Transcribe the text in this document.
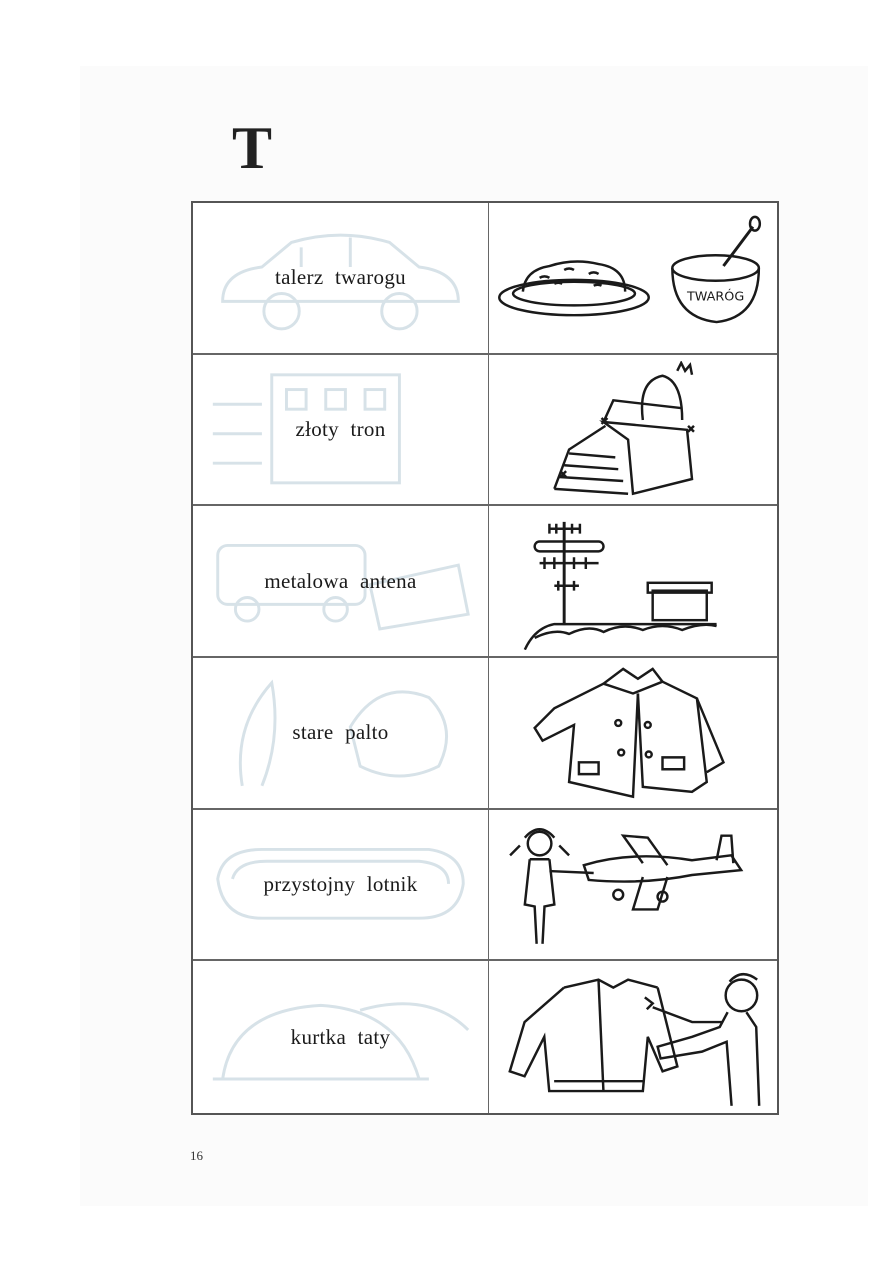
T
talerz twarogu
TWARÓG
złoty tron
metalowa antena
stare palto
przystojny lotnik
kurtka taty
16
